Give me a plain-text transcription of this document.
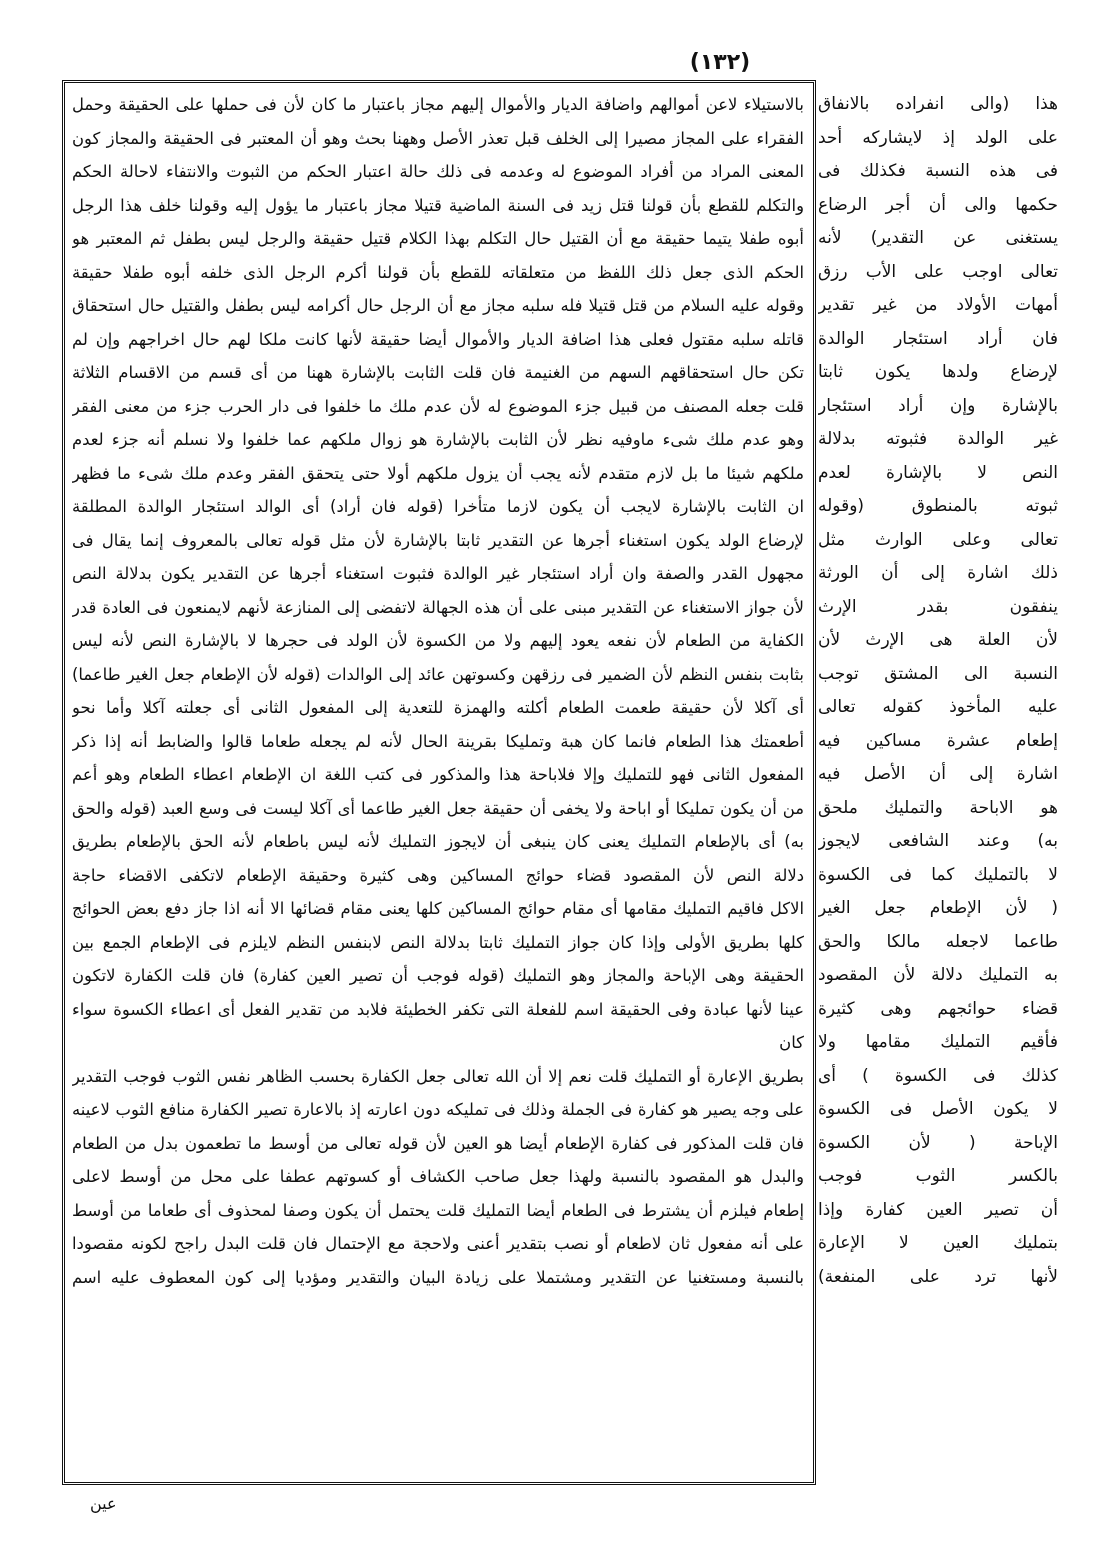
(١٣٢)

بالاستيلاء لاعن أموالهم واضافة الديار والأموال إليهم مجاز باعتبار ما كان لأن فى حملها على الحقيقة وحمل

الفقراء على المجاز مصيرا إلى الخلف قبل تعذر الأصل وههنا بحث وهو أن المعتبر فى الحقيقة والمجاز كون

المعنى المراد من أفراد الموضوع له وعدمه فى ذلك حالة اعتبار الحكم من الثبوت والانتفاء لاحالة الحكم

والتكلم للقطع بأن قولنا قتل زيد فى السنة الماضية قتيلا مجاز باعتبار ما يؤول إليه وقولنا خلف هذا الرجل

أبوه طفلا يتيما حقيقة مع أن القتيل حال التكلم بهذا الكلام قتيل حقيقة والرجل ليس بطفل ثم المعتبر هو

الحكم الذى جعل ذلك اللفظ من متعلقاته للقطع بأن قولنا أكرم الرجل الذى خلفه أبوه طفلا حقيقة

وقوله عليه السلام من قتل قتيلا فله سلبه مجاز مع أن الرجل حال أكرامه ليس بطفل والقتيل حال استحقاق

قاتله سلبه مقتول فعلى هذا اضافة الديار والأموال أيضا حقيقة لأنها كانت ملكا لهم حال اخراجهم وإن لم

تكن حال استحقاقهم السهم من الغنيمة فان قلت الثابت بالإشارة ههنا من أى قسم من الاقسام الثلاثة

قلت جعله المصنف من قبيل جزء الموضوع له لأن عدم ملك ما خلفوا فى دار الحرب جزء من معنى الفقر

وهو عدم ملك شىء ماوفيه نظر لأن الثابت بالإشارة هو زوال ملكهم عما خلفوا ولا نسلم أنه جزء لعدم

ملكهم شيئا ما بل لازم متقدم لأنه يجب أن يزول ملكهم أولا حتى يتحقق الفقر وعدم ملك شىء ما فظهر

ان الثابت بالإشارة لايجب أن يكون لازما متأخرا (قوله فان أراد) أى الوالد استئجار الوالدة المطلقة

لإرضاع الولد يكون استغناء أجرها عن التقدير ثابتا بالإشارة لأن مثل قوله تعالى بالمعروف إنما يقال فى

مجهول القدر والصفة وان أراد استئجار غير الوالدة فثبوت استغناء أجرها عن التقدير يكون بدلالة النص

لأن جواز الاستغناء عن التقدير مبنى على أن هذه الجهالة لاتفضى إلى المنازعة لأنهم لايمنعون فى العادة قدر

الكفاية من الطعام لأن نفعه يعود إليهم ولا من الكسوة لأن الولد فى حجرها لا بالإشارة النص لأنه ليس

بثابت بنفس النظم لأن الضمير فى رزقهن وكسوتهن عائد إلى الوالدات (قوله لأن الإطعام جعل الغير طاعما)

أى آكلا لأن حقيقة طعمت الطعام أكلته والهمزة للتعدية إلى المفعول الثانى أى جعلته آكلا وأما نحو

أطعمتك هذا الطعام فانما كان هبة وتمليكا بقرينة الحال لأنه لم يجعله طعاما قالوا والضابط أنه إذا ذكر

المفعول الثانى فهو للتمليك وإلا فلاباحة هذا والمذكور فى كتب اللغة ان الإطعام اعطاء الطعام وهو أعم

من أن يكون تمليكا أو اباحة ولا يخفى أن حقيقة جعل الغير طاعما أى آكلا ليست فى وسع العبد (قوله والحق

به) أى بالإطعام التمليك يعنى كان ينبغى أن لايجوز التمليك لأنه ليس باطعام لأنه الحق بالإطعام بطريق

دلالة النص لأن المقصود قضاء حوائج المساكين وهى كثيرة وحقيقة الإطعام لاتكفى الاقضاء حاجة

الاكل فاقيم التمليك مقامها أى مقام حوائج المساكين كلها يعنى مقام قضائها الا أنه اذا جاز دفع بعض الحوائج

كلها بطريق الأولى وإذا كان جواز التمليك ثابتا بدلالة النص لابنفس النظم لايلزم فى الإطعام الجمع بين

الحقيقة وهى الإباحة والمجاز وهو التمليك (قوله فوجب أن تصير العين كفارة) فان قلت الكفارة لاتكون

عينا لأنها عبادة وفى الحقيقة اسم للفعلة التى تكفر الخطيئة فلابد من تقدير الفعل أى اعطاء الكسوة سواء كان

بطريق الإعارة أو التمليك قلت نعم إلا أن الله تعالى جعل الكفارة بحسب الظاهر نفس الثوب فوجب التقدير

على وجه يصير هو كفارة فى الجملة وذلك فى تمليكه دون اعارته إذ بالاعارة تصير الكفارة منافع الثوب لاعينه

فان قلت المذكور فى كفارة الإطعام أيضا هو العين لأن قوله تعالى من أوسط ما تطعمون بدل من الطعام

والبدل هو المقصود بالنسبة ولهذا جعل صاحب الكشاف أو كسوتهم عطفا على محل من أوسط لاعلى

إطعام فيلزم أن يشترط فى الطعام أيضا التمليك قلت يحتمل أن يكون وصفا لمحذوف أى طعاما من أوسط

على أنه مفعول ثان لاطعام أو نصب بتقدير أعنى ولاحجة مع الإحتمال فان قلت البدل راجح لكونه مقصودا

بالنسبة ومستغنيا عن التقدير ومشتملا على زيادة البيان والتقدير ومؤديا إلى كون المعطوف عليه اسم

هذا (والى انفراده بالانفاق

على الولد إذ لايشاركه أحد

فى هذه النسبة فكذلك فى

حكمها والى أن أجر الرضاع

يستغنى عن التقدير) لأنه

تعالى اوجب على الأب رزق

أمهات الأولاد من غير تقدير

فان أراد استئجار الوالدة

لإرضاع ولدها يكون ثابتا

بالإشارة وإن أراد استئجار

غير الوالدة فثبوته بدلالة

النص لا بالإشارة لعدم

ثبوته بالمنطوق (وقوله

تعالى وعلى الوارث مثل

ذلك اشارة إلى أن الورثة

ينفقون بقدر الإرث

لأن العلة هى الإرث لأن

النسبة الى المشتق توجب

عليه المأخوذ كقوله تعالى

إطعام عشرة مساكين فيه

اشارة إلى أن الأصل فيه

هو الاباحة والتمليك ملحق

به) وعند الشافعى لايجوز

لا بالتمليك كما فى الكسوة

( لأن الإطعام جعل الغير

طاعما لاجعله مالكا والحق

به التمليك دلالة لأن المقصود

قضاء حوائجهم وهى كثيرة

فأقيم التمليك مقامها ولا

كذلك فى الكسوة ) أى

لا يكون الأصل فى الكسوة

الإباحة ( لأن الكسوة

بالكسر الثوب فوجب

أن تصير العين كفارة وإذا

بتمليك العين لا الإعارة

لأنها ترد على المنفعة)

عين
